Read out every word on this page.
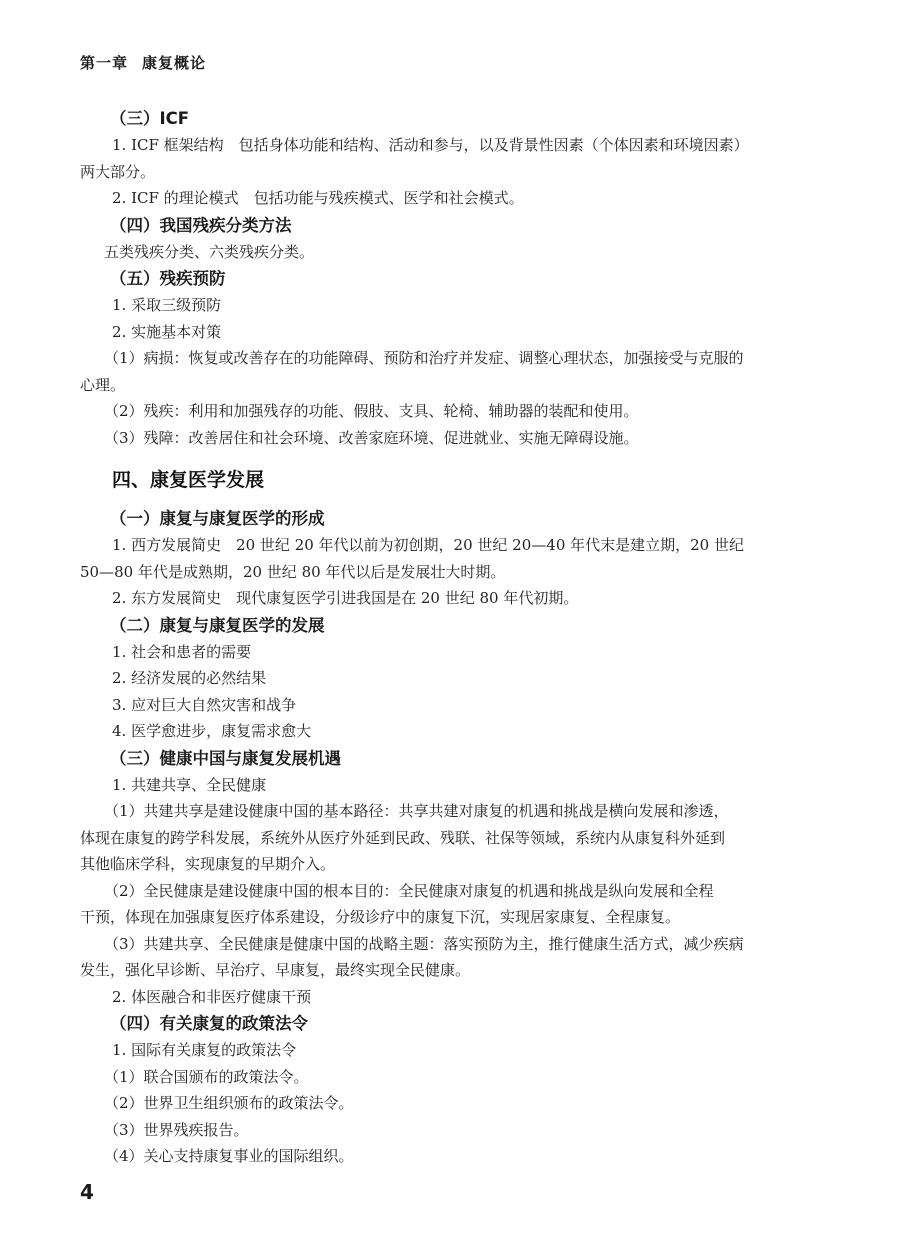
第一章 康复概论
（三）ICF
1. ICF 框架结构　包括身体功能和结构、活动和参与，以及背景性因素（个体因素和环境因素）
两大部分。
2. ICF 的理论模式　包括功能与残疾模式、医学和社会模式。
（四）我国残疾分类方法
五类残疾分类、六类残疾分类。
（五）残疾预防
1. 采取三级预防
2. 实施基本对策
（1）病损：恢复或改善存在的功能障碍、预防和治疗并发症、调整心理状态，加强接受与克服的
心理。
（2）残疾：利用和加强残存的功能、假肢、支具、轮椅、辅助器的装配和使用。
（3）残障：改善居住和社会环境、改善家庭环境、促进就业、实施无障碍设施。
四、康复医学发展
（一）康复与康复医学的形成
1. 西方发展简史　20 世纪 20 年代以前为初创期，20 世纪 20—40 年代末是建立期，20 世纪
50—80 年代是成熟期，20 世纪 80 年代以后是发展壮大时期。
2. 东方发展简史　现代康复医学引进我国是在 20 世纪 80 年代初期。
（二）康复与康复医学的发展
1. 社会和患者的需要
2. 经济发展的必然结果
3. 应对巨大自然灾害和战争
4. 医学愈进步，康复需求愈大
（三）健康中国与康复发展机遇
1. 共建共享、全民健康
（1）共建共享是建设健康中国的基本路径：共享共建对康复的机遇和挑战是横向发展和渗透，
体现在康复的跨学科发展，系统外从医疗外延到民政、残联、社保等领域，系统内从康复科外延到
其他临床学科，实现康复的早期介入。
（2）全民健康是建设健康中国的根本目的：全民健康对康复的机遇和挑战是纵向发展和全程
干预，体现在加强康复医疗体系建设，分级诊疗中的康复下沉，实现居家康复、全程康复。
（3）共建共享、全民健康是健康中国的战略主题：落实预防为主，推行健康生活方式，减少疾病
发生，强化早诊断、早治疗、早康复，最终实现全民健康。
2. 体医融合和非医疗健康干预
（四）有关康复的政策法令
1. 国际有关康复的政策法令
（1）联合国颁布的政策法令。
（2）世界卫生组织颁布的政策法令。
（3）世界残疾报告。
（4）关心支持康复事业的国际组织。
4
